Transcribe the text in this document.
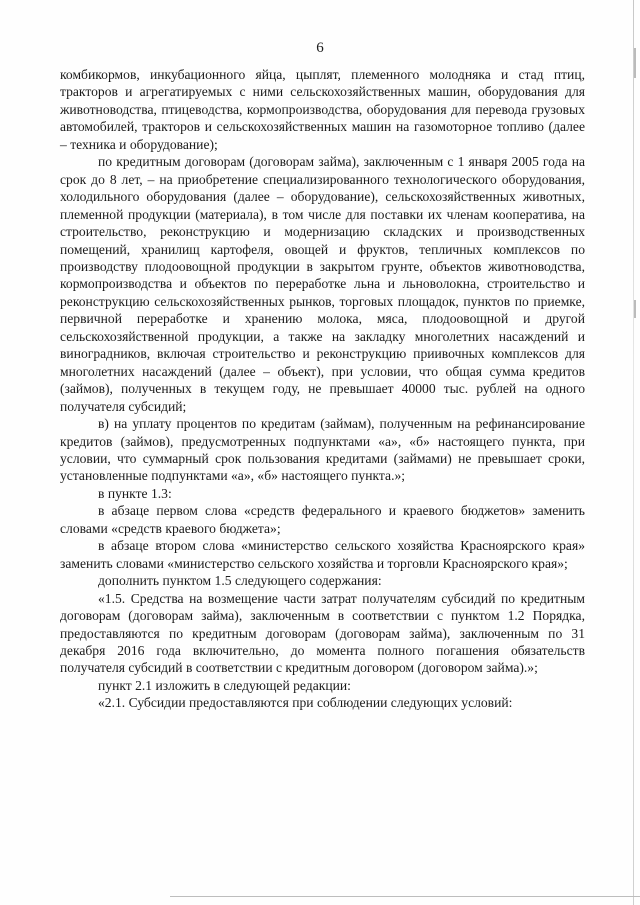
6

комбикормов, инкубационного яйца, цыплят, племенного молодняка и стад птиц, тракторов и агрегатируемых с ними сельскохозяйственных машин, оборудования для животноводства, птицеводства, кормопроизводства, оборудования для перевода грузовых автомобилей, тракторов и сельскохозяйственных машин на газомоторное топливо (далее – техника и оборудование);

по кредитным договорам (договорам займа), заключенным с 1 января 2005 года на срок до 8 лет, – на приобретение специализированного технологического оборудования, холодильного оборудования (далее – оборудование), сельскохозяйственных животных, племенной продукции (материала), в том числе для поставки их членам кооператива, на строительство, реконструкцию и модернизацию складских и производственных помещений, хранилищ картофеля, овощей и фруктов, тепличных комплексов по производству плодоовощной продукции в закрытом грунте, объектов животноводства, кормопроизводства и объектов по переработке льна и льноволокна, строительство и реконструкцию сельскохозяйственных рынков, торговых площадок, пунктов по приемке, первичной переработке и хранению молока, мяса, плодоовощной и другой сельскохозяйственной продукции, а также на закладку многолетних насаждений и виноградников, включая строительство и реконструкцию приивочных комплексов для многолетних насаждений (далее – объект), при условии, что общая сумма кредитов (займов), полученных в текущем году, не превышает 40000 тыс. рублей на одного получателя субсидий;

в) на уплату процентов по кредитам (займам), полученным на рефинансирование кредитов (займов), предусмотренных подпунктами «а», «б» настоящего пункта, при условии, что суммарный срок пользования кредитами (займами) не превышает сроки, установленные подпунктами «а», «б» настоящего пункта.»;

в пункте 1.3:

в абзаце первом слова «средств федерального и краевого бюджетов» заменить словами «средств краевого бюджета»;

в абзаце втором слова «министерство сельского хозяйства Красноярского края» заменить словами «министерство сельского хозяйства и торговли Красноярского края»;

дополнить пунктом 1.5 следующего содержания:

«1.5. Средства на возмещение части затрат получателям субсидий по кредитным договорам (договорам займа), заключенным в соответствии с пунктом 1.2 Порядка, предоставляются по кредитным договорам (договорам займа), заключенным по 31 декабря 2016 года включительно, до момента полного погашения обязательств получателя субсидий в соответствии с кредитным договором (договором займа).»;

пункт 2.1 изложить в следующей редакции:

«2.1. Субсидии предоставляются при соблюдении следующих условий:
